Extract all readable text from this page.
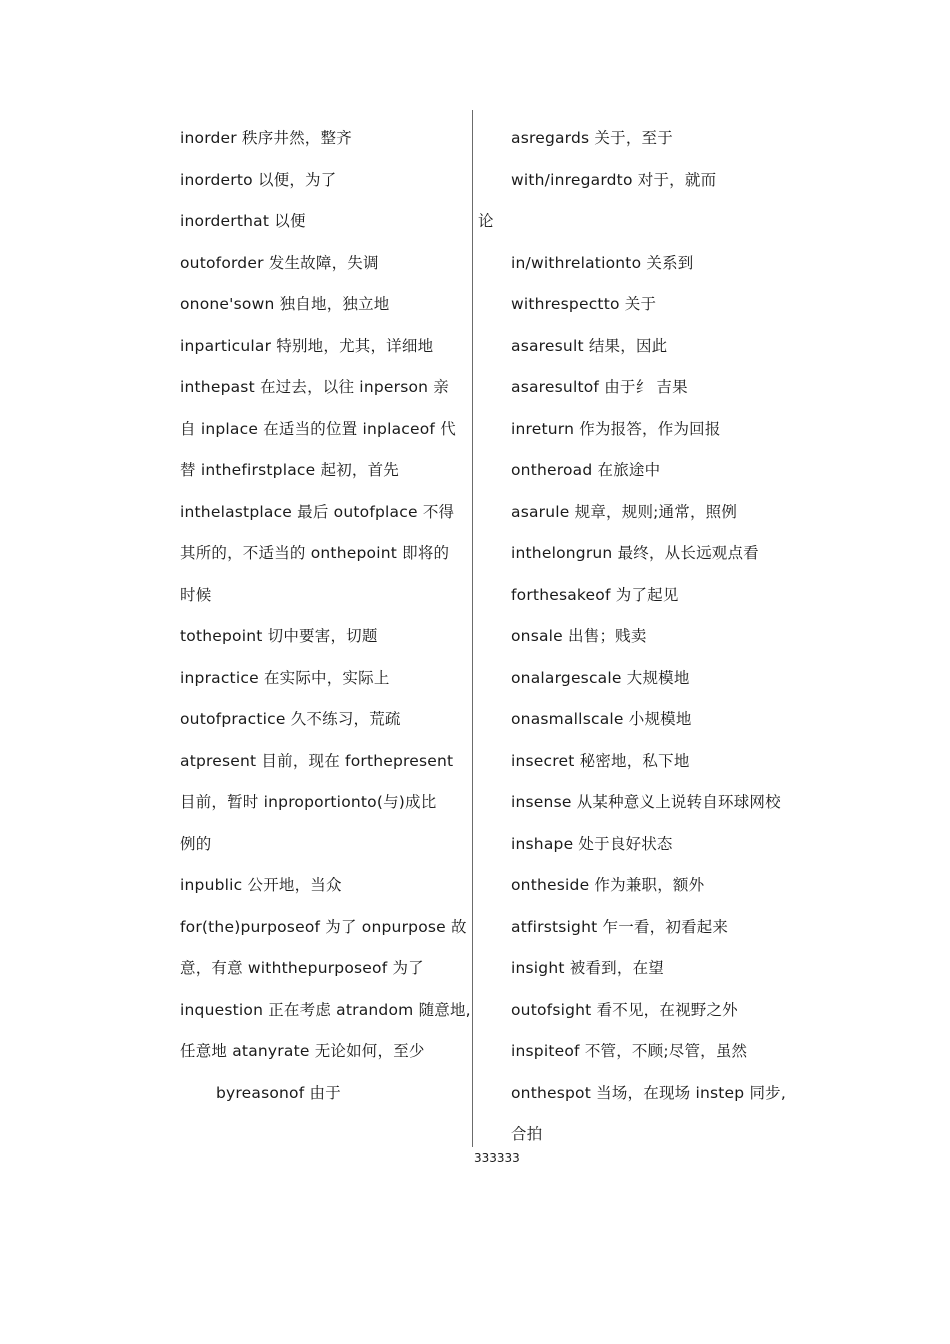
inorder 秩序井然，整齐
inorderto 以便，为了
inorderthat 以便
outoforder 发生故障，失调
onone'sown 独自地，独立地
inparticular 特别地，尤其，详细地
inthepast 在过去，以往 inperson 亲
自 inplace 在适当的位置 inplaceof 代
替 inthefirstplace 起初，首先
inthelastplace 最后 outofplace 不得
其所的，不适当的 onthepoint 即将的
时候
tothepoint 切中要害，切题
inpractice 在实际中，实际上
outofpractice 久不练习，荒疏
atpresent 目前，现在 forthepresent
目前，暂时 inproportionto(与)成比
例的
inpublic 公开地，当众
for(the)purposeof 为了 onpurpose 故
意，有意 withthepurposeof 为了
inquestion 正在考虑 atrandom 随意地,
任意地 atanyrate 无论如何，至少
byreasonof 由于
asregards 关于，至于
with/inregardto 对于，就而
论
in/withrelationto 关系到
withrespectto 关于
asaresult 结果，因此
asaresultof 由于纟 吉果
inreturn 作为报答，作为回报
ontheroad 在旅途中
asarule 规章，规则;通常，照例
inthelongrun 最终，从长远观点看
forthesakeof 为了起见
onsale 出售；贱卖
onalargescale 大规模地
onasmallscale 小规模地
insecret 秘密地，私下地
insense 从某种意义上说转自环球网校
inshape 处于良好状态
ontheside 作为兼职，额外
atfirstsight 乍一看，初看起来
insight 被看到，在望
outofsight 看不见，在视野之外
inspiteof 不管，不顾;尽管，虽然
onthespot 当场，在现场 instep 同步,
合拍
333333
